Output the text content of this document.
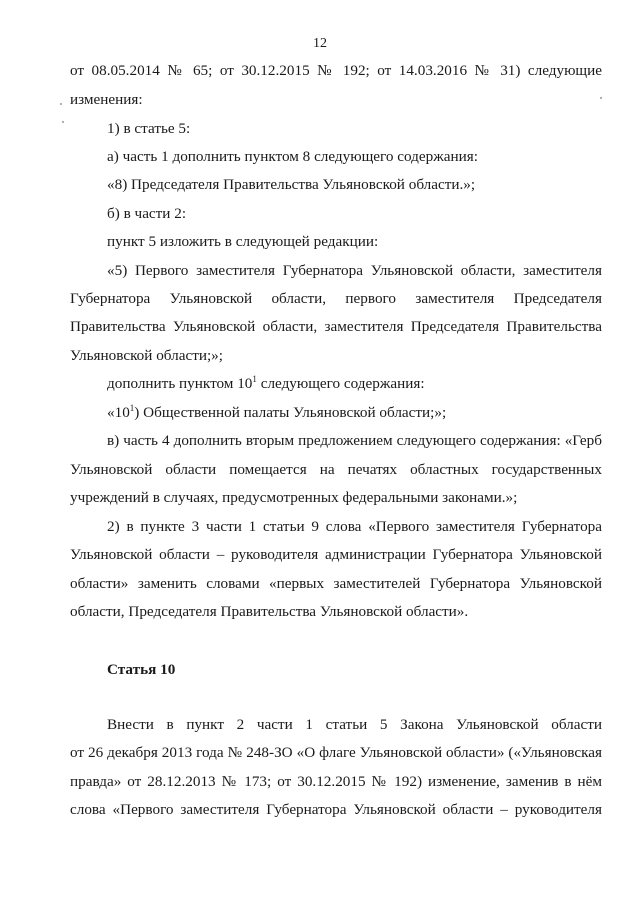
12
от 08.05.2014 № 65; от 30.12.2015 № 192; от 14.03.2016 № 31) следующие
изменения:
1) в статье 5:
а) часть 1 дополнить пунктом 8 следующего содержания:
«8) Председателя Правительства Ульяновской области.»;
б) в части 2:
пункт 5 изложить в следующей редакции:
«5) Первого заместителя Губернатора Ульяновской области, заместителя
Губернатора Ульяновской области, первого заместителя Председателя
Правительства Ульяновской области, заместителя Председателя Правительства
Ульяновской области;»;
дополнить пунктом $10^1$ следующего содержания:
«$10^1$) Общественной палаты Ульяновской области;»;
в) часть 4 дополнить вторым предложением следующего содержания: «Герб
Ульяновской области помещается на печатях областных государственных
учреждений в случаях, предусмотренных федеральными законами.»;
2) в пункте 3 части 1 статьи 9 слова «Первого заместителя Губернатора
Ульяновской области – руководителя администрации Губернатора Ульяновской
области» заменить словами «первых заместителей Губернатора Ульяновской
области, Председателя Правительства Ульяновской области».
Статья 10
Внести в пункт 2 части 1 статьи 5 Закона Ульяновской области
от 26 декабря 2013 года № 248-ЗО «О флаге Ульяновской области» («Ульяновская
правда» от 28.12.2013 № 173; от 30.12.2015 № 192) изменение, заменив в нём
слова «Первого заместителя Губернатора Ульяновской области – руководителя
